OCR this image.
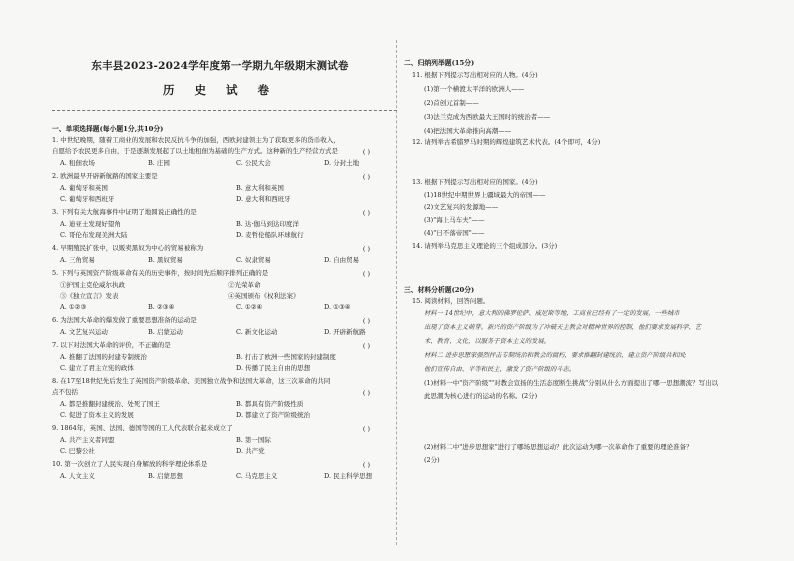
东丰县2023-2024学年度第一学期九年级期末测试卷
历 史 试 卷
一、单项选择题(每小题1分,共10分)
1. 中世纪晚期，随着工商业的发展和农民反抗斗争的加强，西欧封建领主为了获取更多的货币收入，
自愿给予农民更多自由，于是逐渐发展起了以土地租佃为基础的生产方式。这种新的生产经营方式是	( )
A. 租佃农场	B. 庄园	C. 公民大会	D. 分封土地
2. 欧洲最早开辟新航路的国家主要是	( )
A. 葡萄牙和英国	B. 意大利和英国
C. 葡萄牙和西班牙	D. 意大利和西班牙
3. 下列有关大航海事件中证明了地圆说正确性的是	( )
A. 迪亚士发现好望角	B. 达·伽马到达印度洋
C. 哥伦布发现美洲大陆	D. 麦哲伦船队环球航行
4. 早期殖民扩张中，以贩卖黑奴为中心的贸易被称为	( )
A. 三角贸易	B. 黑奴贸易	C. 奴隶贸易	D. 自由贸易
5. 下列与英国资产阶级革命有关的历史事件，按时间先后顺序排列正确的是	( )
①护国主克伦威尔执政	②光荣革命
③《独立宣言》发表	④英国颁布《权利法案》
A. ①②③	B. ②③④	C. ①②④	D. ①③④
6. 为法国大革命的爆发做了重要思想准备的运动是	( )
A. 文艺复兴运动	B. 启蒙运动	C. 新文化运动	D. 开辟新航路
7. 以下对法国大革命的评价，不正确的是	( )
A. 推翻了法国的封建专制统治	B. 打击了欧洲一些国家的封建制度
C. 建立了君主立宪的政体	D. 传播了民主自由的思想
8. 在17至18世纪先后发生了英国资产阶级革命、美国独立战争和法国大革命，这三次革命的共同
点不包括	( )
A. 都是推翻封建统治、处死了国王	B. 都具有资产阶级性质
C. 促进了资本主义的发展	D. 都建立了资产阶级统治
9. 1864年，英国、法国、德国等国的工人代表联合起来成立了	( )
A. 共产主义者同盟	B. 第一国际
C. 巴黎公社	D. 共产党
10. 第一次创立了人民实现自身解放的科学理论体系是	( )
A. 人文主义	B. 启蒙思想	C. 马克思主义	D. 民主科学思想
二、归纳列举题(15分)
11. 根据下列提示写出相对应的人物。(4分)
(1)第一个横渡太平洋的欧洲人——
(2)首创元首制——
(3)法兰克成为西欧最大王国时的统治者——
(4)把法国大革命推向高潮——
12. 请列举古希腊罗马时期的辉煌建筑艺术代表。(4个即可，4分)
13. 根据下列提示写出相对应的国家。(4分)
(1)18世纪中期世界上疆域最大的帝国——
(2)文艺复兴的发源地——
(3)"海上马车夫"——
(4)"日不落帝国"——
14. 请列举马克思主义理论的三个组成部分。(3分)
三、材料分析题(20分)
15. 阅读材料，回答问题。
材料一 14世纪中，意大利的佛罗伦萨、威尼斯等地，工商业已经有了一定的发展，一些城市
出现了资本主义萌芽。新兴的资产阶级为了冲破天主教会对精神世界的控制，他们要求发展科学、艺
术、教育、文化，以服务于资本主义的发展。
材料二 进步思想家强烈抨击专制统治和教会的腐朽，要求推翻封建统治，建立资产阶级共和国;
他们宣传自由、平等和民主，激发了资产阶级的斗志。
(1)材料一中"资产阶级""对教会宣扬的生活态度断生挑战"分别从什么方面提出了哪一思想潮流？写出以
此思潮为核心进行的运动的名称。(2分)
(2)材料二中"进步思想家"进行了哪场思想运动？此次运动为哪一次革命作了重要的理论准备？
(2分)
